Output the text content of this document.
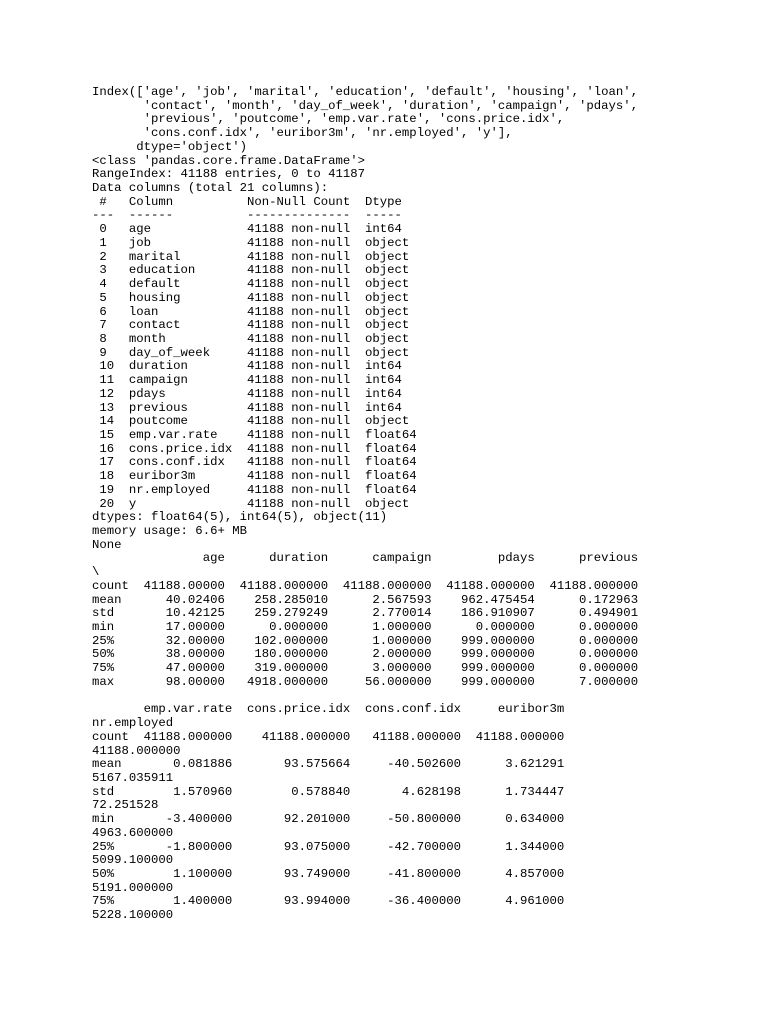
Index(['age', 'job', 'marital', 'education', 'default', 'housing', 'loan',
'contact', 'month', 'day_of_week', 'duration', 'campaign', 'pdays',
'previous', 'poutcome', 'emp.var.rate', 'cons.price.idx',
'cons.conf.idx', 'euribor3m', 'nr.employed', 'y'],
dtype='object')
<class 'pandas.core.frame.DataFrame'>
RangeIndex: 41188 entries, 0 to 41187
Data columns (total 21 columns):
#   Column          Non-Null Count  Dtype
---  ------          --------------  -----
0   age             41188 non-null  int64
1   job             41188 non-null  object
2   marital         41188 non-null  object
3   education       41188 non-null  object
4   default         41188 non-null  object
5   housing         41188 non-null  object
6   loan            41188 non-null  object
7   contact         41188 non-null  object
8   month           41188 non-null  object
9   day_of_week     41188 non-null  object
10  duration        41188 non-null  int64
11  campaign        41188 non-null  int64
12  pdays           41188 non-null  int64
13  previous        41188 non-null  int64
14  poutcome        41188 non-null  object
15  emp.var.rate    41188 non-null  float64
16  cons.price.idx  41188 non-null  float64
17  cons.conf.idx   41188 non-null  float64
18  euribor3m       41188 non-null  float64
19  nr.employed     41188 non-null  float64
20  y               41188 non-null  object
dtypes: float64(5), int64(5), object(11)
memory usage: 6.6+ MB
None
age      duration      campaign         pdays      previous
\
count  41188.00000  41188.000000  41188.000000  41188.000000  41188.000000
mean      40.02406    258.285010      2.567593    962.475454      0.172963
std       10.42125    259.279249      2.770014    186.910907      0.494901
min       17.00000      0.000000      1.000000      0.000000      0.000000
25%       32.00000    102.000000      1.000000    999.000000      0.000000
50%       38.00000    180.000000      2.000000    999.000000      0.000000
75%       47.00000    319.000000      3.000000    999.000000      0.000000
max       98.00000   4918.000000     56.000000    999.000000      7.000000
emp.var.rate  cons.price.idx  cons.conf.idx     euribor3m
nr.employed
count  41188.000000    41188.000000   41188.000000  41188.000000
41188.000000
mean       0.081886       93.575664     -40.502600      3.621291
5167.035911
std        1.570960        0.578840       4.628198      1.734447
72.251528
min       -3.400000       92.201000     -50.800000      0.634000
4963.600000
25%       -1.800000       93.075000     -42.700000      1.344000
5099.100000
50%        1.100000       93.749000     -41.800000      4.857000
5191.000000
75%        1.400000       93.994000     -36.400000      4.961000
5228.100000
